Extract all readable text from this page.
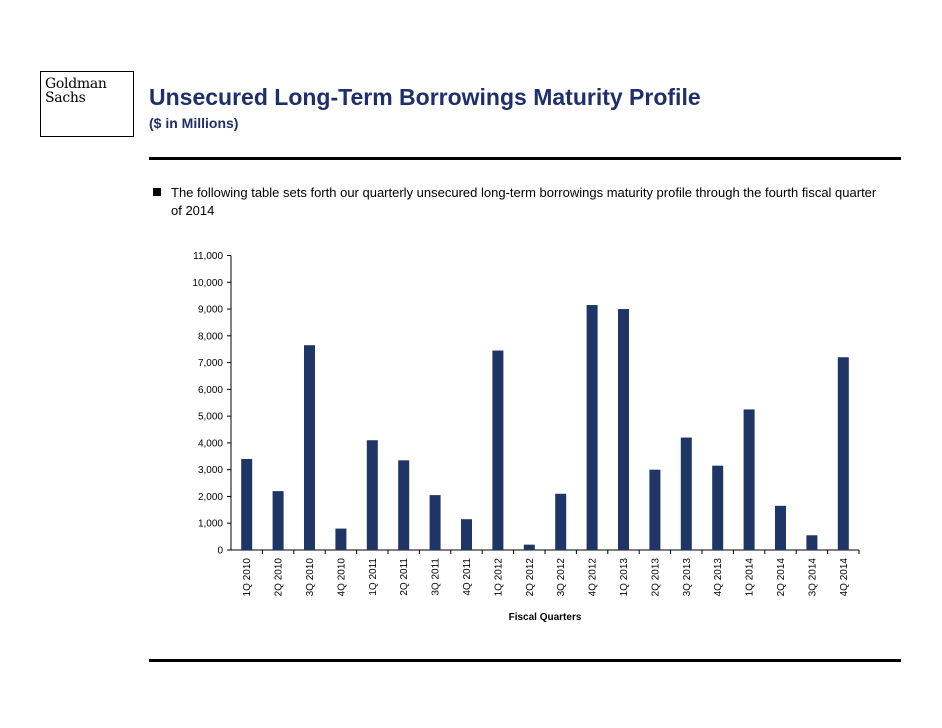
Goldman
Sachs	Unsecured Long-Term Borrowings Maturity Profile
($ in Millions)
The following table sets forth our quarterly unsecured long-term borrowings maturity profile through the fourth fiscal quarter of 2014
0
1,000
2,000
3,000
4,000
5,000
6,000
7,000
8,000
9,000
10,000
11,000
1Q 2010 2Q 2010 3Q 2010 4Q 2010 1Q 2011 2Q 2011 3Q 2011 4Q 2011 1Q 2012 2Q 2012 3Q 2012 4Q 2012 1Q 2013 2Q 2013 3Q 2013 4Q 2013 1Q 2014 2Q 2014 3Q 2014 4Q 2014
Fiscal Quarters
